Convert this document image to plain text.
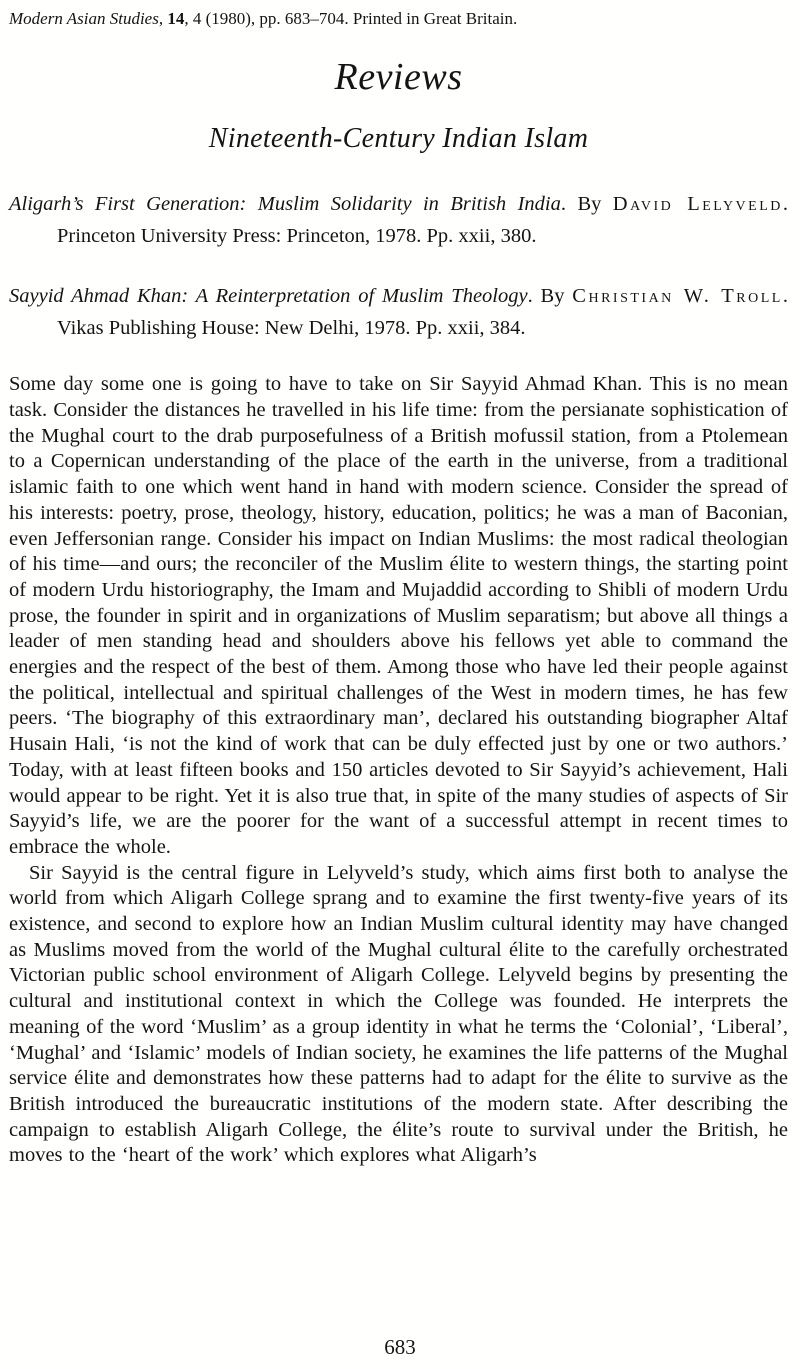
Modern Asian Studies, 14, 4 (1980), pp. 683–704. Printed in Great Britain.
Reviews
Nineteenth-Century Indian Islam

Aligarh’s First Generation: Muslim Solidarity in British India. By David Lelyveld. Princeton University Press: Princeton, 1978. Pp. xxii, 380.

Sayyid Ahmad Khan: A Reinterpretation of Muslim Theology. By Christian W. Troll. Vikas Publishing House: New Delhi, 1978. Pp. xxii, 384.

Some day some one is going to have to take on Sir Sayyid Ahmad Khan. This is no mean task. Consider the distances he travelled in his life time: from the persianate sophistication of the Mughal court to the drab purposefulness of a British mofussil station, from a Ptolemean to a Copernican understanding of the place of the earth in the universe, from a traditional islamic faith to one which went hand in hand with modern science. Consider the spread of his interests: poetry, prose, theology, history, education, politics; he was a man of Baconian, even Jeffersonian range. Consider his impact on Indian Muslims: the most radical theologian of his time—and ours; the reconciler of the Muslim élite to western things, the starting point of modern Urdu historiography, the Imam and Mujaddid according to Shibli of modern Urdu prose, the founder in spirit and in organizations of Muslim separatism; but above all things a leader of men standing head and shoulders above his fellows yet able to command the energies and the respect of the best of them. Among those who have led their people against the political, intellectual and spiritual challenges of the West in modern times, he has few peers. ‘The biography of this extraordinary man’, declared his outstanding biographer Altaf Husain Hali, ‘is not the kind of work that can be duly effected just by one or two authors.’ Today, with at least fifteen books and 150 articles devoted to Sir Sayyid’s achievement, Hali would appear to be right. Yet it is also true that, in spite of the many studies of aspects of Sir Sayyid’s life, we are the poorer for the want of a successful attempt in recent times to embrace the whole.

Sir Sayyid is the central figure in Lelyveld’s study, which aims first both to analyse the world from which Aligarh College sprang and to examine the first twenty-five years of its existence, and second to explore how an Indian Muslim cultural identity may have changed as Muslims moved from the world of the Mughal cultural élite to the carefully orchestrated Victorian public school environment of Aligarh College. Lelyveld begins by presenting the cultural and institutional context in which the College was founded. He interprets the meaning of the word ‘Muslim’ as a group identity in what he terms the ‘Colonial’, ‘Liberal’, ‘Mughal’ and ‘Islamic’ models of Indian society, he examines the life patterns of the Mughal service élite and demonstrates how these patterns had to adapt for the élite to survive as the British introduced the bureaucratic institutions of the modern state. After describing the campaign to establish Aligarh College, the élite’s route to survival under the British, he moves to the ‘heart of the work’ which explores what Aligarh’s

683
